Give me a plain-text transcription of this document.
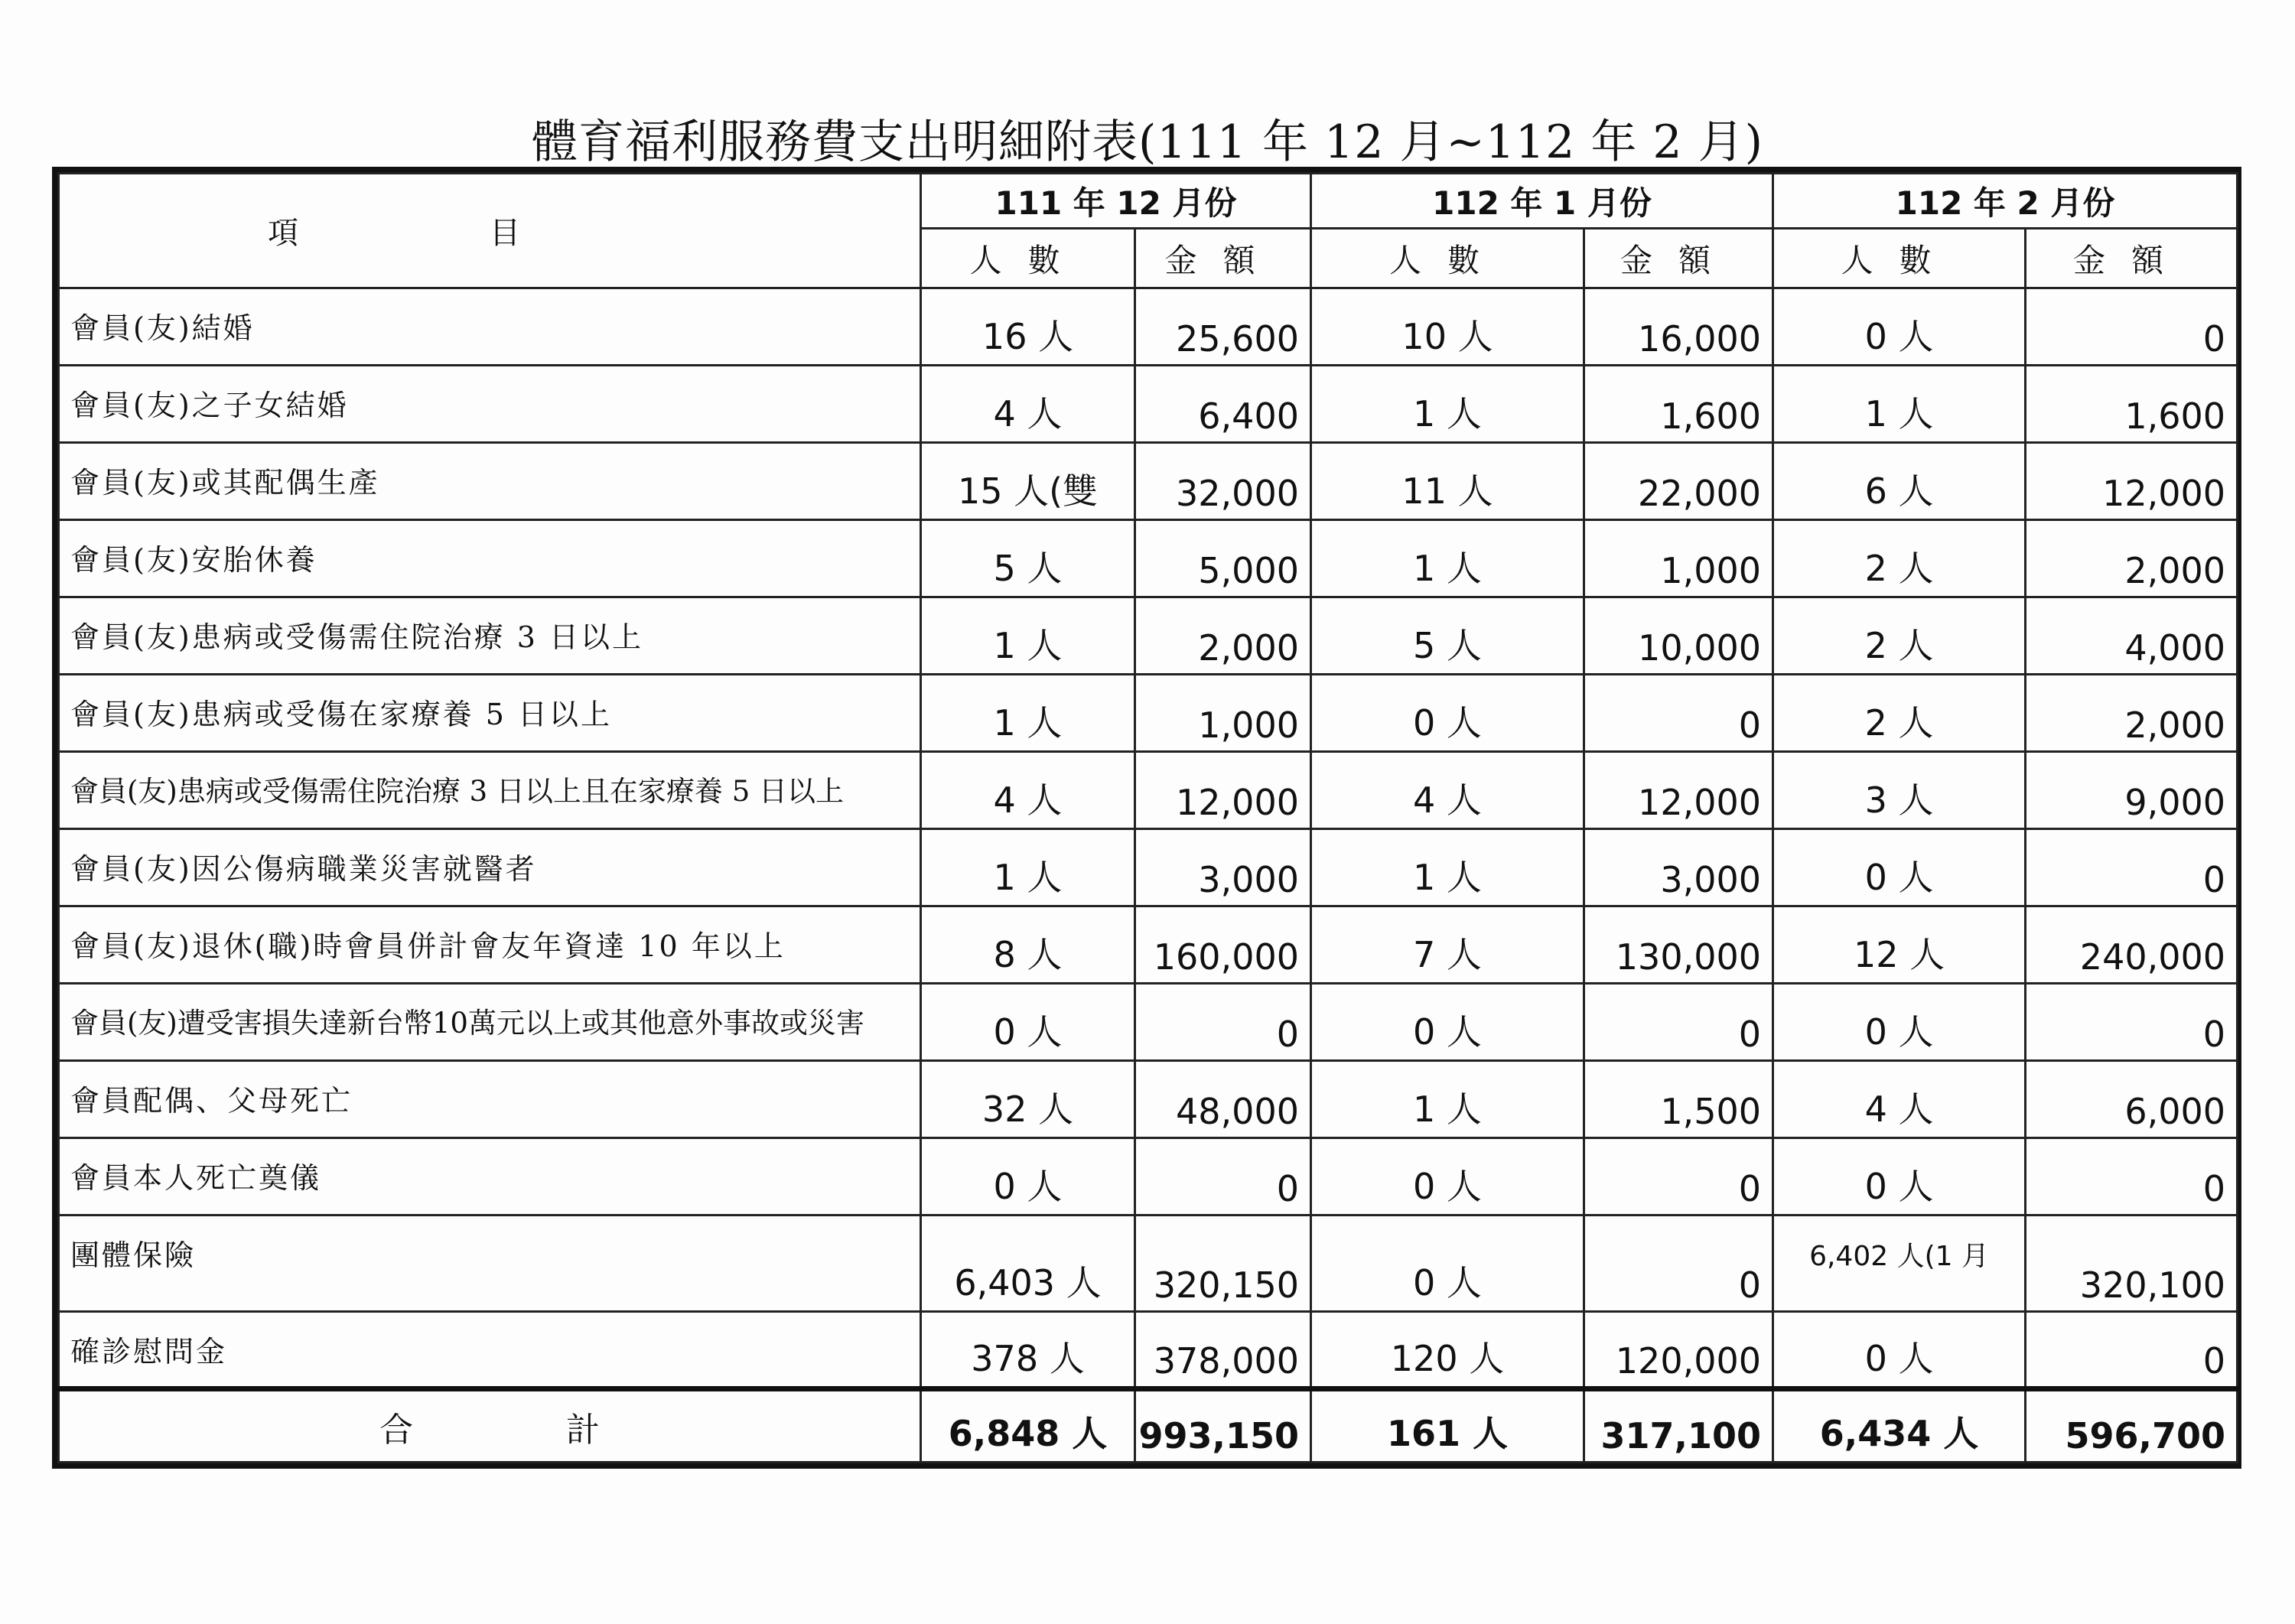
體育福利服務費支出明細附表(111 年 12 月~112 年 2 月)
項目	111 年 12 月份		112 年 1 月份		112 年 2 月份	
	人數	金額	人數	金額	人數	金額
會員(友)結婚	16 人	25,600	10 人	16,000	0 人	0
會員(友)之子女結婚	4 人	6,400	1 人	1,600	1 人	1,600
會員(友)或其配偶生產	15 人(雙	32,000	11 人	22,000	6 人	12,000
會員(友)安胎休養	5 人	5,000	1 人	1,000	2 人	2,000
會員(友)患病或受傷需住院治療 3 日以上	1 人	2,000	5 人	10,000	2 人	4,000
會員(友)患病或受傷在家療養 5 日以上	1 人	1,000	0 人	0	2 人	2,000
會員(友)患病或受傷需住院治療 3 日以上且在家療養 5 日以上	4 人	12,000	4 人	12,000	3 人	9,000
會員(友)因公傷病職業災害就醫者	1 人	3,000	1 人	3,000	0 人	0
會員(友)退休(職)時會員併計會友年資達 10 年以上	8 人	160,000	7 人	130,000	12 人	240,000
會員(友)遭受害損失達新台幣10萬元以上或其他意外事故或災害	0 人	0	0 人	0	0 人	0
會員配偶、父母死亡	32 人	48,000	1 人	1,500	4 人	6,000
會員本人死亡奠儀	0 人	0	0 人	0	0 人	0
團體保險	6,403 人	320,150	0 人	0	6,402 人(1 月	320,100
確診慰問金	378 人	378,000	120 人	120,000	0 人	0
合計	6,848 人	993,150	161 人	317,100	6,434 人	596,700
